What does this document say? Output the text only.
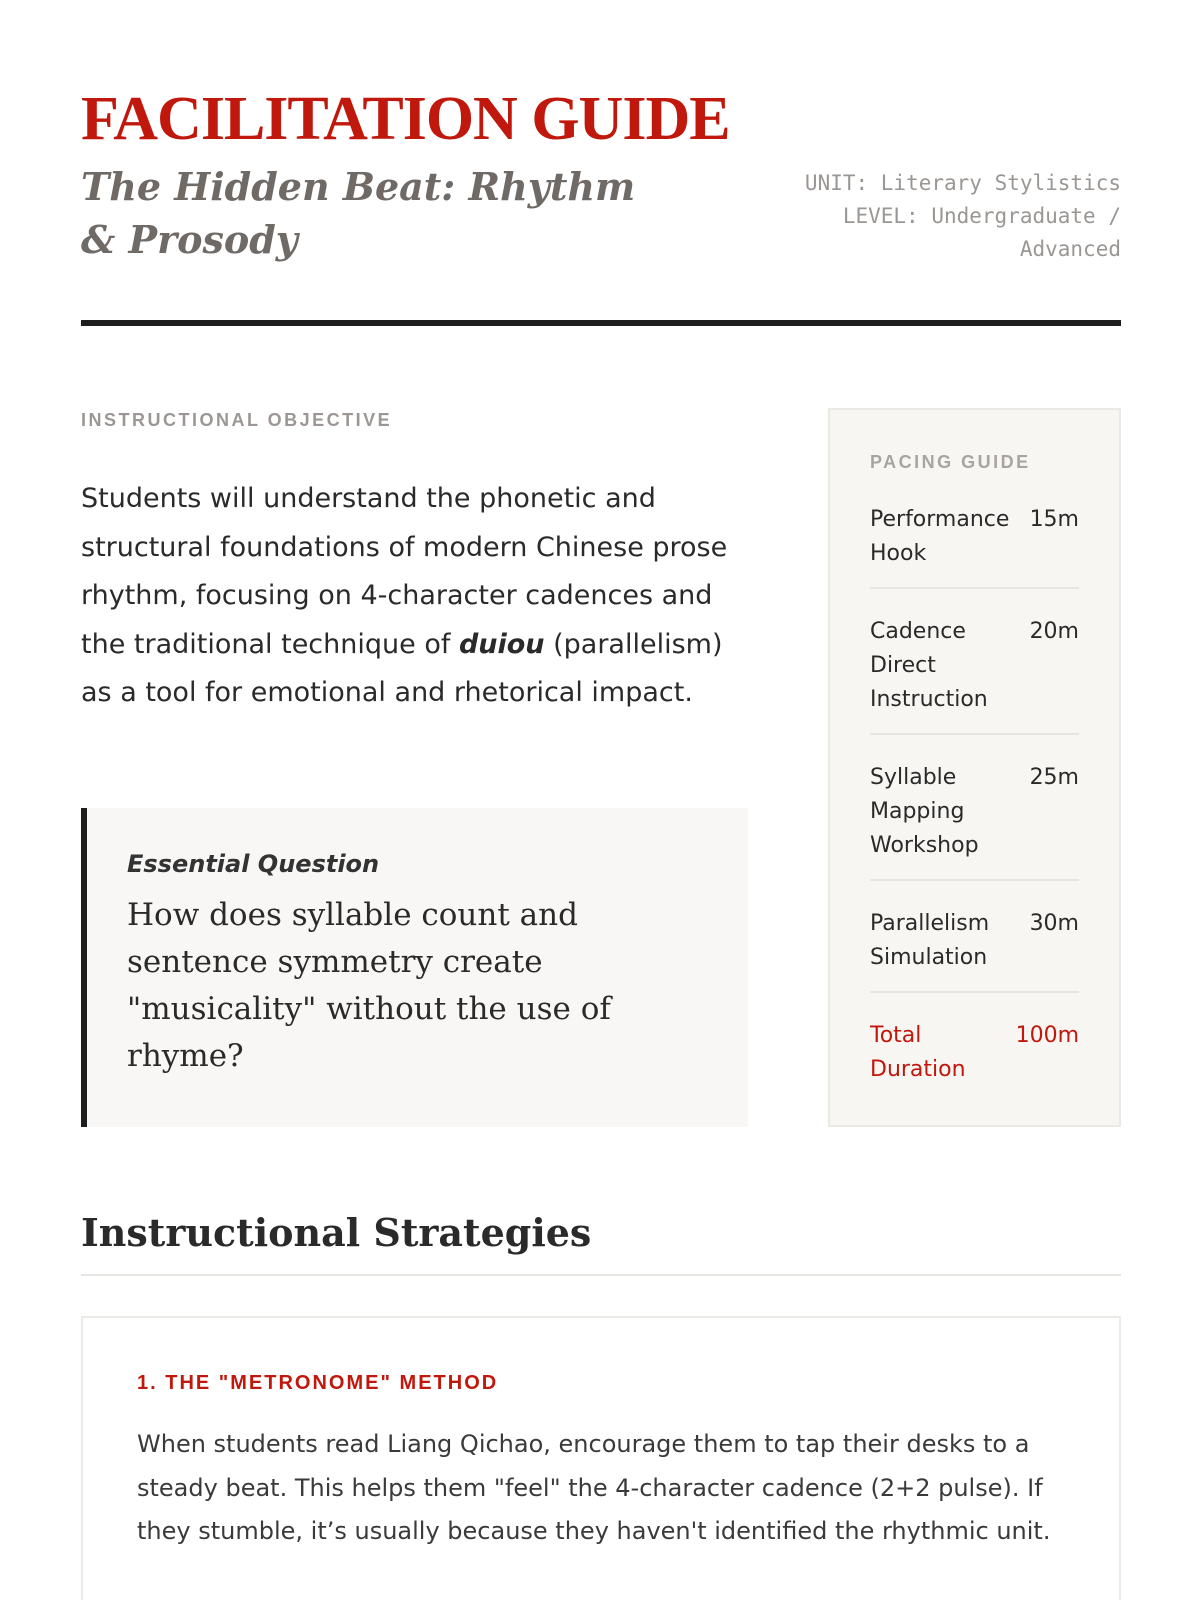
FACILITATION GUIDE
The Hidden Beat: Rhythm & Prosody
UNIT: Literary Stylistics
LEVEL: Undergraduate / Advanced
INSTRUCTIONAL OBJECTIVE

Students will understand the phonetic and structural foundations of modern Chinese prose rhythm, focusing on 4-character cadences and the traditional technique of duiou (parallelism) as a tool for emotional and rhetorical impact.

Essential Question
How does syllable count and sentence symmetry create "musicality" without the use of rhyme?
PACING GUIDE
Performance Hook
15m
Cadence Direct Instruction
20m
Syllable Mapping Workshop
25m
Parallelism Simulation
30m
Total Duration
100m
Instructional Strategies
1. THE "METRONOME" METHOD

When students read Liang Qichao, encourage them to tap their desks to a steady beat. This helps them "feel" the 4-character cadence (2+2 pulse). If they stumble, it’s usually because they haven't identified the rhythmic unit.
